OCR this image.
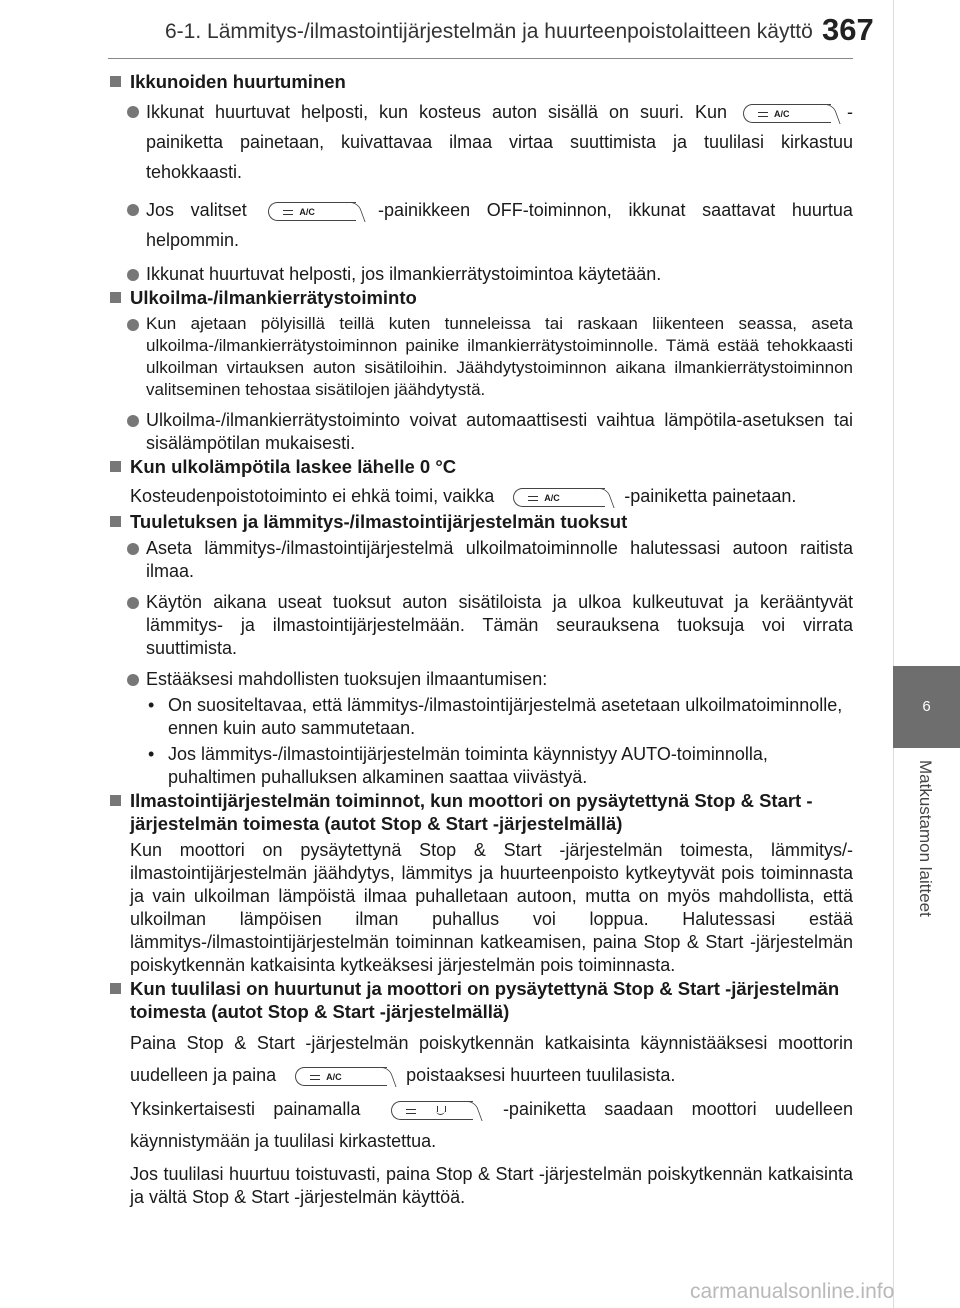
6-1. Lämmitys-/ilmastointijärjestelmän ja huurteenpoistolaitteen käyttö 367
6
Matkustamon laitteet
Ikkunoiden huurtuminen
Ikkunat huurtuvat helposti, kun kosteus auton sisällä on suuri. Kun	A/C	-painiketta painetaan, kuivattavaa ilmaa virtaa suuttimista ja tuulilasi kirkastuu tehokkaasti.
Jos valitset	A/C	-painikkeen OFF-toiminnon, ikkunat saattavat huurtua helpommin.
Ikkunat huurtuvat helposti, jos ilmankierrätystoimintoa käytetään.
Ulkoilma-/ilmankierrätystoiminto
Kun ajetaan pölyisillä teillä kuten tunneleissa tai raskaan liikenteen seassa, aseta ulkoilma-/ilmankierrätystoiminnon painike ilmankierrätystoiminnolle. Tämä estää tehokkaasti ulkoilman virtauksen auton sisätiloihin. Jäähdytystoiminnon aikana ilmankierrätystoiminnon valitseminen tehostaa sisätilojen jäähdytystä.
Ulkoilma-/ilmankierrätystoiminto voivat automaattisesti vaihtua lämpötila-asetuksen tai sisälämpötilan mukaisesti.
Kun ulkolämpötila laskee lähelle 0 °C
Kosteudenpoistotoiminto ei ehkä toimi, vaikka	A/C	-painiketta painetaan.
Tuuletuksen ja lämmitys-/ilmastointijärjestelmän tuoksut
Aseta lämmitys-/ilmastointijärjestelmä ulkoilmatoiminnolle halutessasi autoon raitista ilmaa.
Käytön aikana useat tuoksut auton sisätiloista ja ulkoa kulkeutuvat ja kerääntyvät lämmitys- ja ilmastointijärjestelmään. Tämän seurauksena tuoksuja voi virrata suuttimista.
Estääksesi mahdollisten tuoksujen ilmaantumisen:
• On suositeltavaa, että lämmitys-/ilmastointijärjestelmä asetetaan ulkoilmatoiminnolle, ennen kuin auto sammutetaan.
• Jos lämmitys-/ilmastointijärjestelmän toiminta käynnistyy AUTO-toiminnolla, puhaltimen puhalluksen alkaminen saattaa viivästyä.
Ilmastointijärjestelmän toiminnot, kun moottori on pysäytettynä Stop & Start -järjestelmän toimesta (autot Stop & Start -järjestelmällä)
Kun moottori on pysäytettynä Stop & Start -järjestelmän toimesta, lämmitys/-ilmastointijärjestelmän jäähdytys, lämmitys ja huurteenpoisto kytkeytyvät pois toiminnasta ja vain ulkoilman lämpöistä ilmaa puhalletaan autoon, mutta on myös mahdollista, että ulkoilman lämpöisen ilman puhallus voi loppua. Halutessasi estää lämmitys-/ilmastointijärjestelmän toiminnan katkeamisen, paina Stop & Start -järjestelmän poiskytkennän katkaisinta kytkeäksesi järjestelmän pois toiminnasta.
Kun tuulilasi on huurtunut ja moottori on pysäytettynä Stop & Start -järjestelmän toimesta (autot Stop & Start -järjestelmällä)
Paina Stop & Start -järjestelmän poiskytkennän katkaisinta käynnistääksesi moottorin uudelleen ja paina	A/C	poistaaksesi huurteen tuulilasista.
Yksinkertaisesti painamalla	-painiketta saadaan moottori uudelleen käynnistymään ja tuulilasi kirkastettua.
Jos tuulilasi huurtuu toistuvasti, paina Stop & Start -järjestelmän poiskytkennän katkaisinta ja vältä Stop & Start -järjestelmän käyttöä.
carmanualsonline.info
